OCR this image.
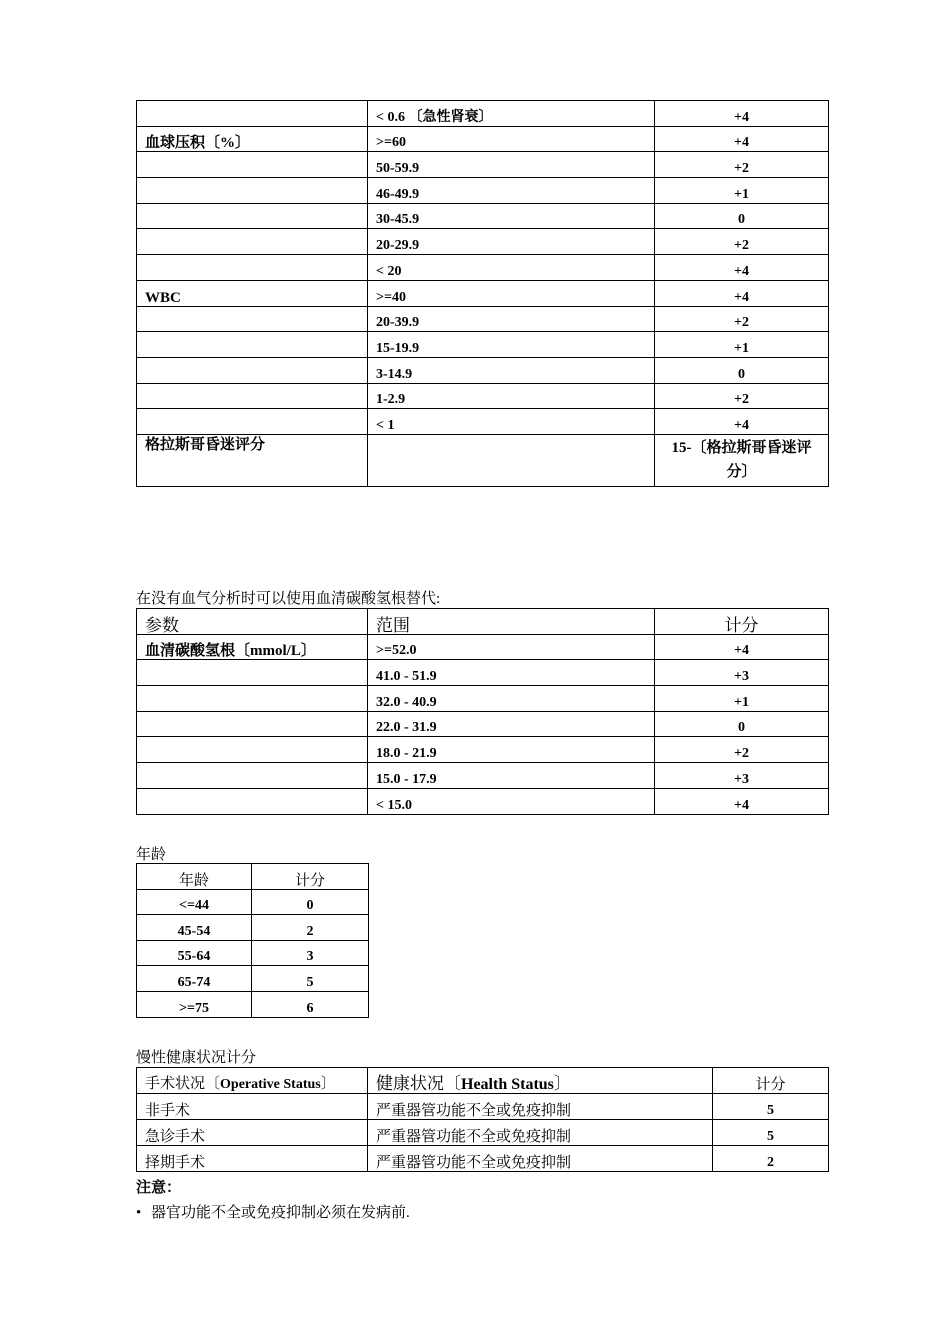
	< 0.6 〔急性肾衰〕	+4
血球压积〔%〕	>=60	+4
	50-59.9	+2
	46-49.9	+1
	30-45.9	0
	20-29.9	+2
	< 20	+4
WBC	>=40	+4
	20-39.9	+2
	15-19.9	+1
	3-14.9	0
	1-2.9	+2
	< 1	+4
格拉斯哥昏迷评分		15-〔格拉斯哥昏迷评分〕
在没有血气分析时可以使用血清碳酸氢根替代:
参数	范围	计分
血清碳酸氢根〔mmol/L〕	>=52.0	+4
	41.0 - 51.9	+3
	32.0 - 40.9	+1
	22.0 - 31.9	0
	18.0 - 21.9	+2
	15.0 - 17.9	+3
	< 15.0	+4
年龄
年龄	计分
<=44	0
45-54	2
55-64	3
65-74	5
>=75	6
慢性健康状况计分
手术状况〔Operative Status〕	健康状况〔Health Status〕	计分
非手术	严重器管功能不全或免疫抑制	5
急诊手术	严重器管功能不全或免疫抑制	5
择期手术	严重器管功能不全或免疫抑制	2
注意：
• 器官功能不全或免疫抑制必须在发病前.
